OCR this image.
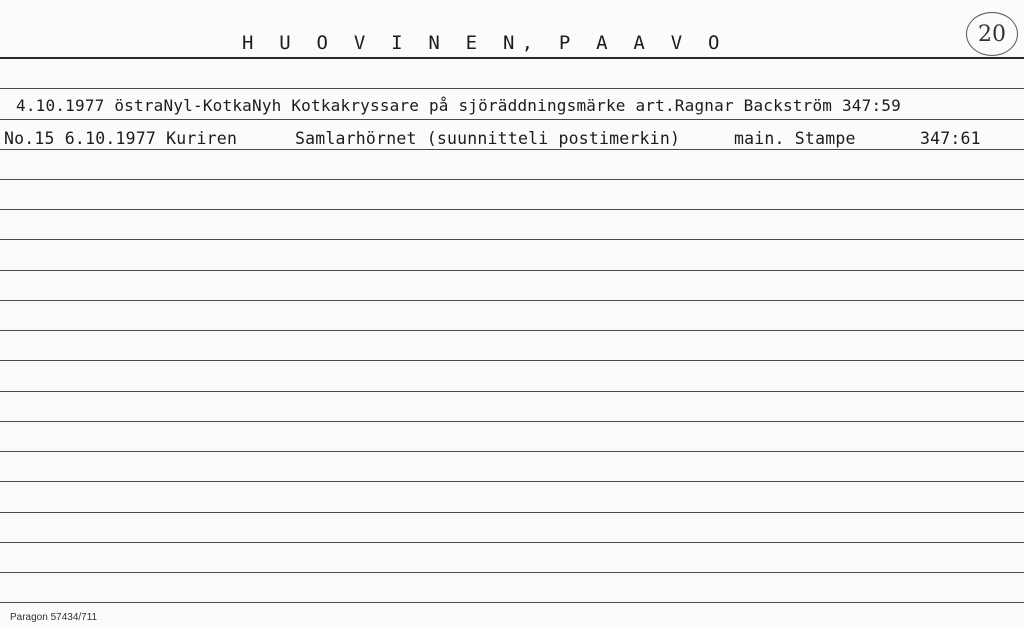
H U O V I N E N, P A A V O	20
4.10.1977 östraNyl-KotkaNyh Kotkakryssare på sjöräddningsmärke art.Ragnar Backström 347:59
No.15 6.10.1977 Kuriren	Samlarhörnet (suunnitteli postimerkin)	main. Stampe	347:61
Paragon 57434/711
